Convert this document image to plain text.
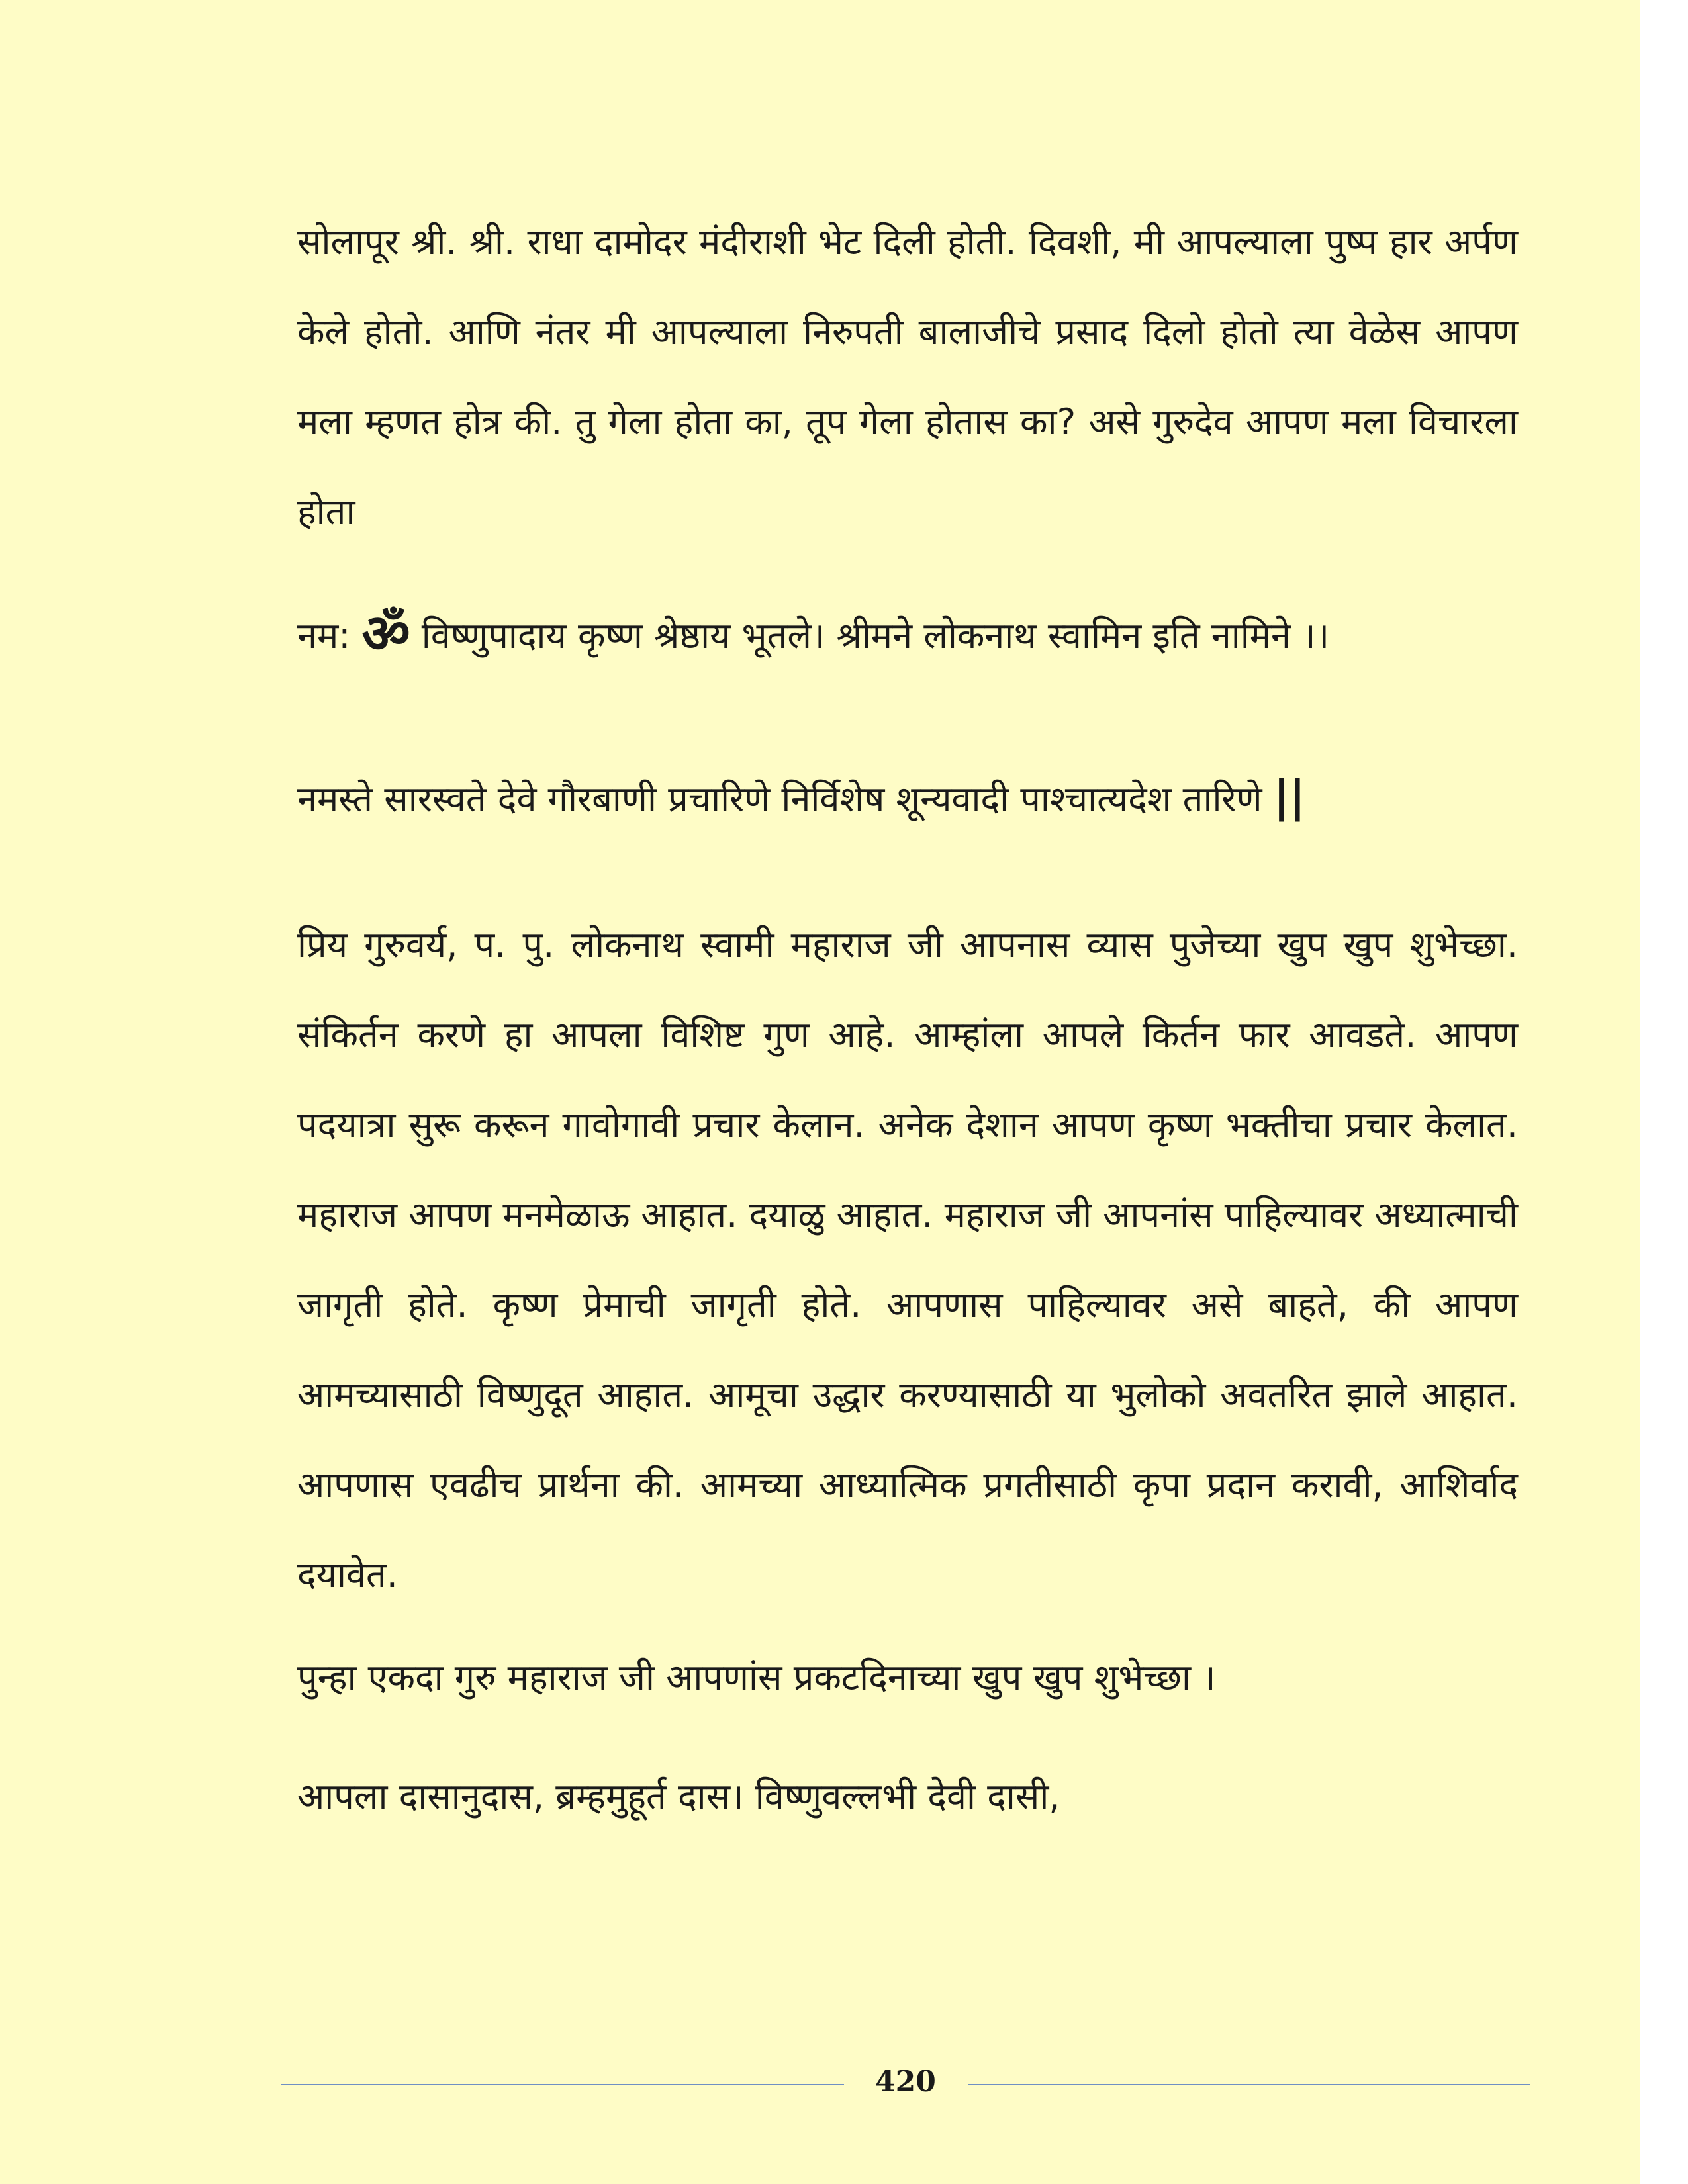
सोलापूर श्री. श्री. राधा दामोदर मंदीराशी भेट दिली होती. दिवशी, मी आपल्याला पुष्प हार अर्पण केले होतो. आणि नंतर मी आपल्याला निरुपती बालाजीचे प्रसाद दिलो होतो त्या वेळेस आपण मला म्हणत होत्र की. तु गेला होता का, तूप गेला होतास का? असे गुरुदेव आपण मला विचारला होता

नम: ॐ विष्णुपादाय कृष्ण श्रेष्ठाय भूतले। श्रीमने लोकनाथ स्वामिन इति नामिने ।।
नमस्ते सारस्वते देवे गौरबाणी प्रचारिणे निर्विशेष शून्यवादी पाश्चात्यदेश तारिणे ||

प्रिय गुरुवर्य, प. पु. लोकनाथ स्वामी महाराज जी आपनास व्यास पुजेच्या खुप खुप शुभेच्छा. संकिर्तन करणे हा आपला विशिष्ट गुण आहे. आम्हांला आपले किर्तन फार आवडते. आपण पदयात्रा सुरू करून गावोगावी प्रचार केलान. अनेक देशान आपण कृष्ण भक्तीचा प्रचार केलात. महाराज आपण मनमेळाऊ आहात. दयाळु आहात. महाराज जी आपनांस पाहिल्यावर अध्यात्माची जागृती होते. कृष्ण प्रेमाची जागृती होते. आपणास पाहिल्यावर असे बाहते, की आपण आमच्यासाठी विष्णुदूत आहात. आमूचा उद्धार करण्यासाठी या भुलोको अवतरित झाले आहात. आपणास एवढीच प्रार्थना की. आमच्या आध्यात्मिक प्रगतीसाठी कृपा प्रदान करावी, आशिर्वाद दयावेत.

पुन्हा एकदा गुरु महाराज जी आपणांस प्रकटदिनाच्या खुप खुप शुभेच्छा ।
आपला दासानुदास, ब्रम्हमुहूर्त दास। विष्णुवल्लभी देवी दासी,
420
